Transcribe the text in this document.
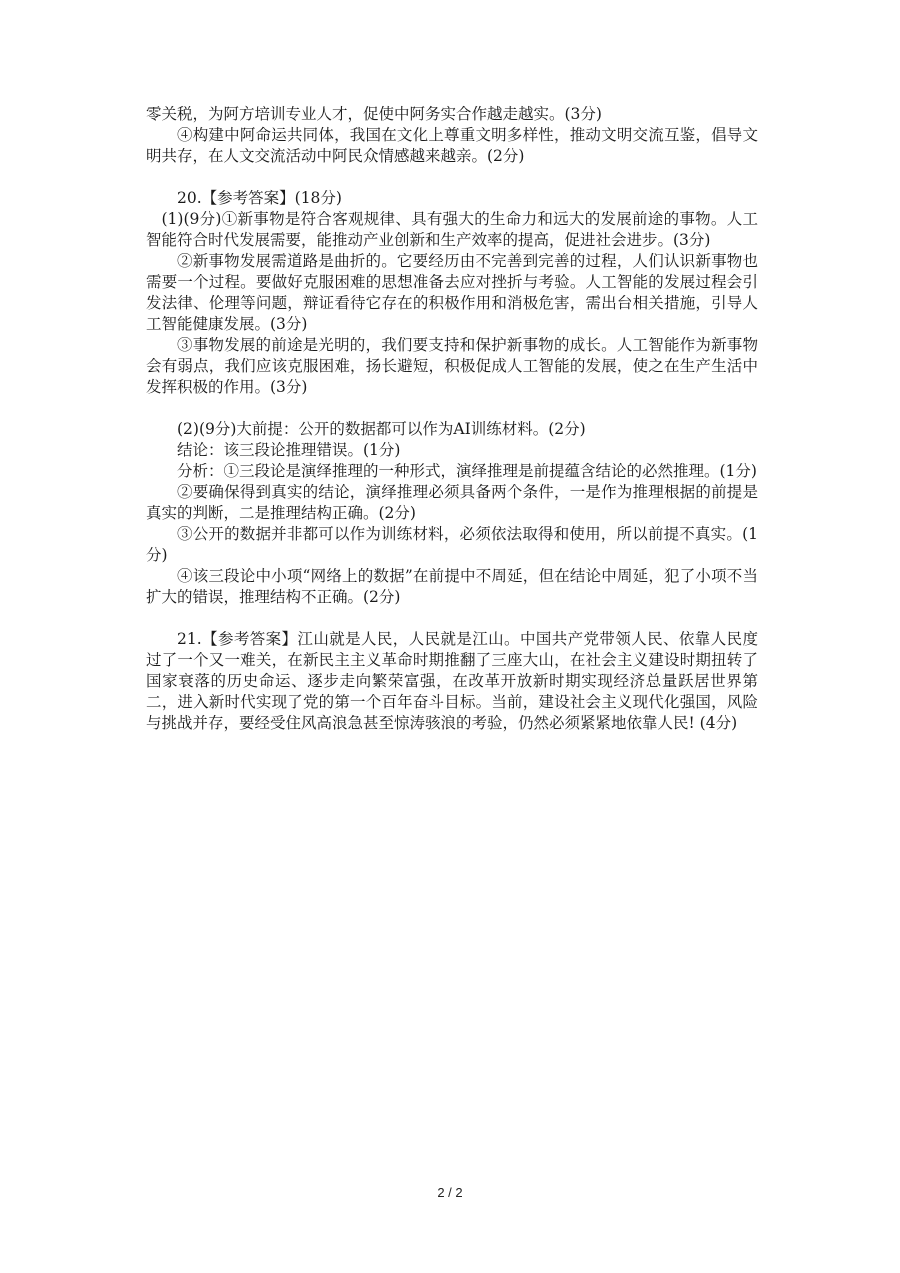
零关税，为阿方培训专业人才，促使中阿务实合作越走越实。(3分)

④构建中阿命运共同体，我国在文化上尊重文明多样性，推动文明交流互鉴，倡导文明共存，在人文交流活动中阿民众情感越来越亲。(2分)

20.【参考答案】(18分)

(1)(9分)①新事物是符合客观规律、具有强大的生命力和远大的发展前途的事物。人工智能符合时代发展需要，能推动产业创新和生产效率的提高，促进社会进步。(3分)

②新事物发展需道路是曲折的。它要经历由不完善到完善的过程，人们认识新事物也需要一个过程。要做好克服困难的思想准备去应对挫折与考验。人工智能的发展过程会引发法律、伦理等问题，辩证看待它存在的积极作用和消极危害，需出台相关措施，引导人工智能健康发展。(3分)

③事物发展的前途是光明的，我们要支持和保护新事物的成长。人工智能作为新事物会有弱点，我们应该克服困难，扬长避短，积极促成人工智能的发展，使之在生产生活中发挥积极的作用。(3分)

(2)(9分)大前提：公开的数据都可以作为AI训练材料。(2分)

结论：该三段论推理错误。(1分)

分析：①三段论是演绎推理的一种形式，演绎推理是前提蕴含结论的必然推理。(1分)

②要确保得到真实的结论，演绎推理必须具备两个条件，一是作为推理根据的前提是真实的判断，二是推理结构正确。(2分)

③公开的数据并非都可以作为训练材料，必须依法取得和使用，所以前提不真实。(1分)

④该三段论中小项“网络上的数据”在前提中不周延，但在结论中周延，犯了小项不当扩大的错误，推理结构不正确。(2分)

21.【参考答案】江山就是人民，人民就是江山。中国共产党带领人民、依靠人民度过了一个又一难关，在新民主主义革命时期推翻了三座大山，在社会主义建设时期扭转了国家衰落的历史命运、逐步走向繁荣富强，在改革开放新时期实现经济总量跃居世界第二，进入新时代实现了党的第一个百年奋斗目标。当前，建设社会主义现代化强国，风险与挑战并存，要经受住风高浪急甚至惊涛骇浪的考验，仍然必须紧紧地依靠人民! (4分)

2 / 2
